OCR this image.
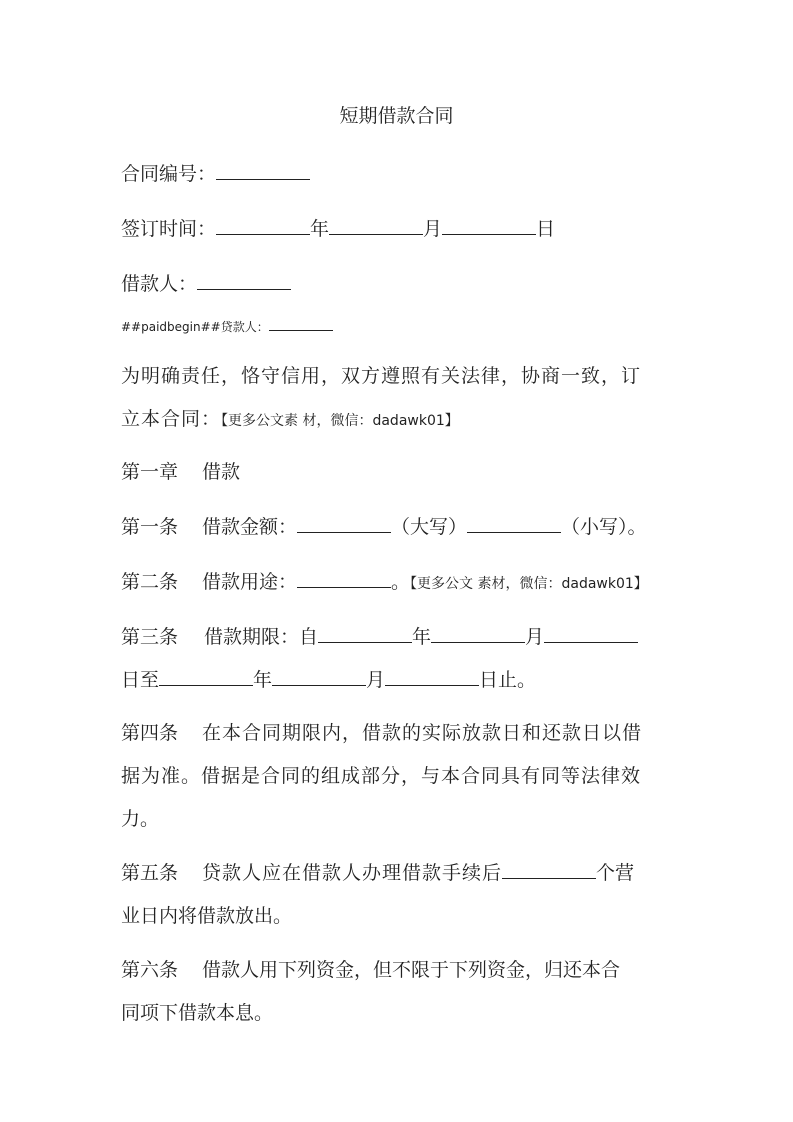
短期借款合同
合同编号：
签订时间：	年	月	日
借款人：
##paidbegin##贷款人：
为明确责任，恪守信用，双方遵照有关法律，协商一致，订
立本合同：【更多公文素 材，微信：dadawk01】
第一章 借款
第一条 借款金额：	（大写）	（小写）。
第二条 借款用途：	。【更多公文 素材，微信：dadawk01】
第三条 借款期限：自	年	月
日至	年	月	日止。
第四条 在本合同期限内，借款的实际放款日和还款日以借
据为准。借据是合同的组成部分，与本合同具有同等法律效
力。
第五条 贷款人应在借款人办理借款手续后	个营
业日内将借款放出。
第六条 借款人用下列资金，但不限于下列资金，归还本合
同项下借款本息。
